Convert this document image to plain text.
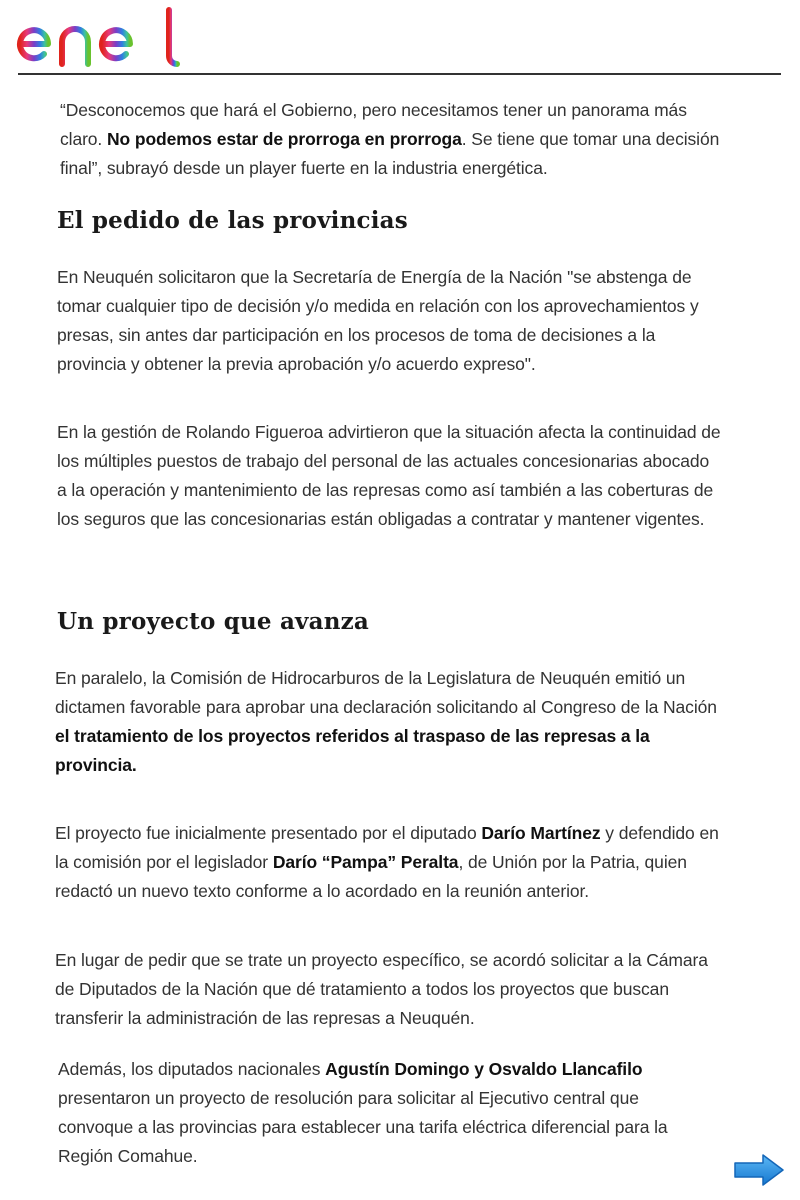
“Desconocemos que hará el Gobierno, pero necesitamos tener un panorama más claro. No podemos estar de prorroga en prorroga. Se tiene que tomar una decisión final”, subrayó desde un player fuerte en la industria energética.

El pedido de las provincias

En Neuquén solicitaron que la Secretaría de Energía de la Nación "se abstenga de tomar cualquier tipo de decisión y/o medida en relación con los aprovechamientos y presas, sin antes dar participación en los procesos de toma de decisiones a la provincia y obtener la previa aprobación y/o acuerdo expreso".

En la gestión de Rolando Figueroa advirtieron que la situación afecta la continuidad de los múltiples puestos de trabajo del personal de las actuales concesionarias abocado a la operación y mantenimiento de las represas como así también a las coberturas de los seguros que las concesionarias están obligadas a contratar y mantener vigentes.

Un proyecto que avanza

En paralelo, la Comisión de Hidrocarburos de la Legislatura de Neuquén emitió un dictamen favorable para aprobar una declaración solicitando al Congreso de la Nación el tratamiento de los proyectos referidos al traspaso de las represas a la provincia.

El proyecto fue inicialmente presentado por el diputado Darío Martínez y defendido en la comisión por el legislador Darío “Pampa” Peralta, de Unión por la Patria, quien redactó un nuevo texto conforme a lo acordado en la reunión anterior.

En lugar de pedir que se trate un proyecto específico, se acordó solicitar a la Cámara de Diputados de la Nación que dé tratamiento a todos los proyectos que buscan transferir la administración de las represas a Neuquén.

Además, los diputados nacionales Agustín Domingo y Osvaldo Llancafilo presentaron un proyecto de resolución para solicitar al Ejecutivo central que convoque a las provincias para establecer una tarifa eléctrica diferencial para la Región Comahue.
